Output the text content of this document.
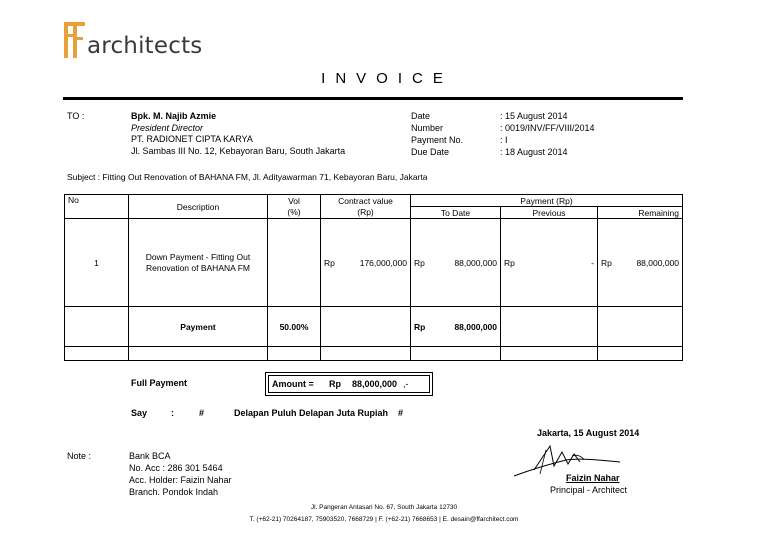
architects
INVOICE
TO :	Bpk. M. Najib Azmie
President Director
PT. RADIONET CIPTA KARYA
Jl. Sambas III No. 12, Kebayoran Baru, South Jakarta
Date	: 15 August 2014
Number	: 0019/INV/FF/VIII/2014
Payment No.	: I
Due Date	: 18 August 2014
Subject : Fitting Out Renovation of BAHANA FM, Jl. Adityawarman 71, Kebayoran Baru, Jakarta
No	Description	Vol	Contract value	Payment (Rp)		
		(%)	(Rp)	To Date	Previous	Remaining
1	Down Payment - Fitting Out Renovation of BAHANA FM		Rp 176,000,000	Rp 88,000,000	Rp -	Rp 88,000,000

	Payment	50.00%		Rp 88,000,000		

Full Payment	Amount =	Rp	88,000,000 ,-
Say	:	#	Delapan Puluh Delapan Juta Rupiah #
Jakarta, 15 August 2014
Faizin Nahar
Principal - Architect
Note :	Bank BCA
No. Acc : 286 301 5464
Acc. Holder: Faizin Nahar
Branch. Pondok Indah
Jl. Pangeran Antasari No. 67, South Jakarta 12730
T. (+62-21) 70264187, 75903520, 7668729 | F. (+62-21) 7668653 | E. desain@ffarchitect.com
